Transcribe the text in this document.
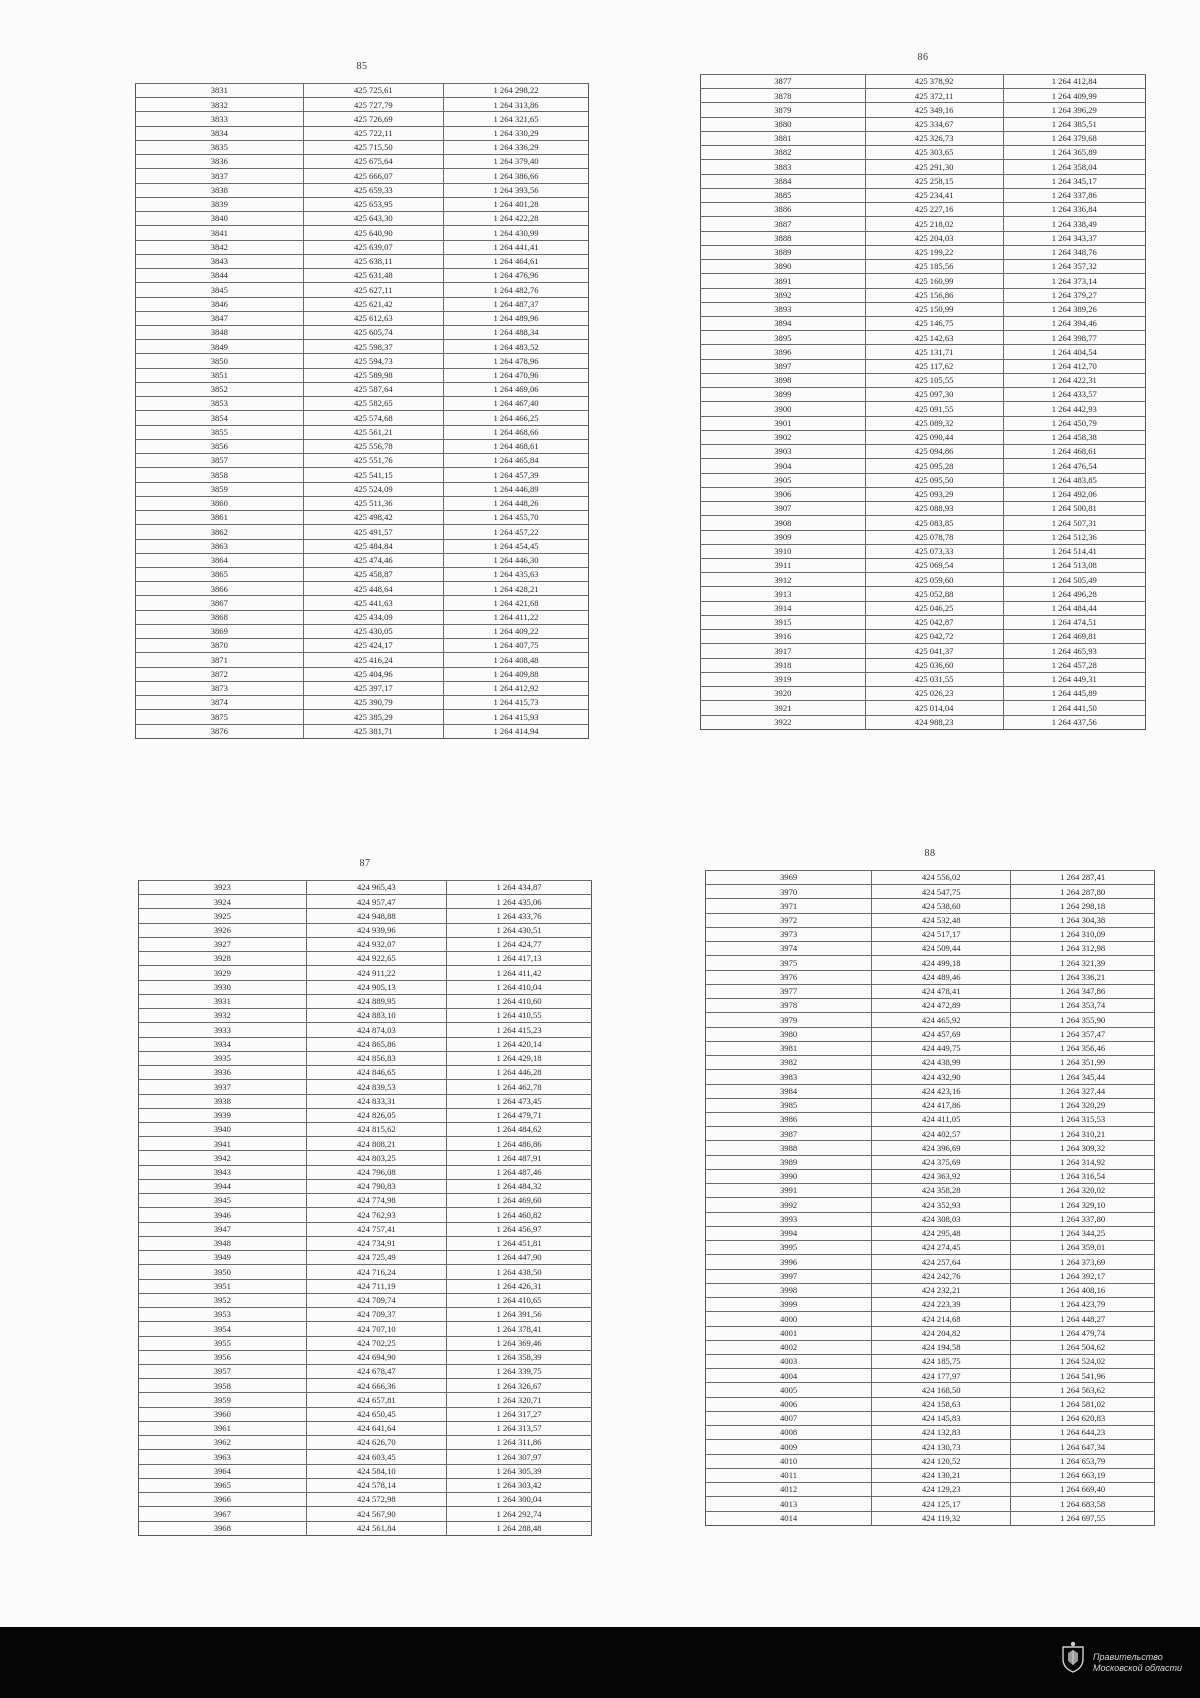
85
3831	425 725,61	1 264 298,22
3832	425 727,79	1 264 313,86
3833	425 726,69	1 264 321,65
3834	425 722,11	1 264 330,29
3835	425 715,50	1 264 336,29
3836	425 675,64	1 264 379,40
3837	425 666,07	1 264 386,66
3838	425 659,33	1 264 393,56
3839	425 653,95	1 264 401,28
3840	425 643,30	1 264 422,28
3841	425 640,90	1 264 430,99
3842	425 639,07	1 264 441,41
3843	425 638,11	1 264 464,61
3844	425 631,48	1 264 476,96
3845	425 627,11	1 264 482,76
3846	425 621,42	1 264 487,37
3847	425 612,63	1 264 489,96
3848	425 605,74	1 264 488,34
3849	425 598,37	1 264 483,52
3850	425 594,73	1 264 478,96
3851	425 589,98	1 264 470,96
3852	425 587,64	1 264 469,06
3853	425 582,65	1 264 467,40
3854	425 574,68	1 264 466,25
3855	425 561,21	1 264 468,66
3856	425 556,78	1 264 468,61
3857	425 551,76	1 264 465,84
3858	425 541,15	1 264 457,39
3859	425 524,09	1 264 446,89
3860	425 511,36	1 264 448,26
3861	425 498,42	1 264 455,70
3862	425 491,57	1 264 457,22
3863	425 484,84	1 264 454,45
3864	425 474,46	1 264 446,30
3865	425 458,87	1 264 435,63
3866	425 448,64	1 264 428,21
3867	425 441,63	1 264 421,68
3868	425 434,09	1 264 411,22
3869	425 430,05	1 264 409,22
3870	425 424,17	1 264 407,75
3871	425 416,24	1 264 408,48
3872	425 404,96	1 264 409,88
3873	425 397,17	1 264 412,92
3874	425 390,79	1 264 415,73
3875	425 385,29	1 264 415,93
3876	425 381,71	1 264 414,94
86
3877	425 378,92	1 264 412,84
3878	425 372,11	1 264 409,99
3879	425 349,16	1 264 396,29
3880	425 334,67	1 264 385,51
3881	425 326,73	1 264 379,68
3882	425 303,65	1 264 365,89
3883	425 291,30	1 264 358,04
3884	425 258,15	1 264 345,17
3885	425 234,41	1 264 337,86
3886	425 227,16	1 264 336,84
3887	425 218,02	1 264 338,49
3888	425 204,03	1 264 343,37
3889	425 199,22	1 264 348,76
3890	425 185,56	1 264 357,32
3891	425 160,99	1 264 373,14
3892	425 156,86	1 264 379,27
3893	425 150,99	1 264 389,26
3894	425 146,75	1 264 394,46
3895	425 142,63	1 264 398,77
3896	425 131,71	1 264 404,54
3897	425 117,62	1 264 412,70
3898	425 105,55	1 264 422,31
3899	425 097,30	1 264 433,57
3900	425 091,55	1 264 442,93
3901	425 089,32	1 264 450,79
3902	425 090,44	1 264 458,38
3903	425 094,86	1 264 468,61
3904	425 095,28	1 264 476,54
3905	425 095,50	1 264 483,85
3906	425 093,29	1 264 492,06
3907	425 088,93	1 264 500,81
3908	425 083,85	1 264 507,31
3909	425 078,78	1 264 512,36
3910	425 073,33	1 264 514,41
3911	425 069,54	1 264 513,08
3912	425 059,60	1 264 505,49
3913	425 052,88	1 264 496,28
3914	425 046,25	1 264 484,44
3915	425 042,87	1 264 474,51
3916	425 042,72	1 264 469,81
3917	425 041,37	1 264 465,93
3918	425 036,60	1 264 457,28
3919	425 031,55	1 264 449,31
3920	425 026,23	1 264 445,89
3921	425 014,04	1 264 441,50
3922	424 988,23	1 264 437,56
87
3923	424 965,43	1 264 434,87
3924	424 957,47	1 264 435,06
3925	424 948,88	1 264 433,76
3926	424 939,96	1 264 430,51
3927	424 932,07	1 264 424,77
3928	424 922,65	1 264 417,13
3929	424 911,22	1 264 411,42
3930	424 905,13	1 264 410,04
3931	424 889,95	1 264 410,60
3932	424 883,10	1 264 410,55
3933	424 874,03	1 264 415,23
3934	424 865,86	1 264 420,14
3935	424 856,83	1 264 429,18
3936	424 846,65	1 264 446,28
3937	424 839,53	1 264 462,78
3938	424 833,31	1 264 473,45
3939	424 826,05	1 264 479,71
3940	424 815,62	1 264 484,62
3941	424 808,21	1 264 486,86
3942	424 803,25	1 264 487,91
3943	424 796,08	1 264 487,46
3944	424 790,83	1 264 484,32
3945	424 774,98	1 264 469,60
3946	424 762,93	1 264 460,82
3947	424 757,41	1 264 456,97
3948	424 734,91	1 264 451,81
3949	424 725,49	1 264 447,90
3950	424 716,24	1 264 438,50
3951	424 711,19	1 264 426,31
3952	424 709,74	1 264 410,65
3953	424 709,37	1 264 391,56
3954	424 707,10	1 264 378,41
3955	424 702,25	1 264 369,46
3956	424 694,90	1 264 358,39
3957	424 678,47	1 264 339,75
3958	424 666,36	1 264 326,67
3959	424 657,81	1 264 320,71
3960	424 650,45	1 264 317,27
3961	424 641,64	1 264 313,57
3962	424 626,70	1 264 311,86
3963	424 603,45	1 264 307,97
3964	424 584,10	1 264 305,39
3965	424 578,14	1 264 303,42
3966	424 572,98	1 264 300,04
3967	424 567,90	1 264 292,74
3968	424 561,84	1 264 288,48
88
3969	424 556,02	1 264 287,41
3970	424 547,75	1 264 287,80
3971	424 538,60	1 264 298,18
3972	424 532,48	1 264 304,38
3973	424 517,17	1 264 310,09
3974	424 509,44	1 264 312,98
3975	424 499,18	1 264 321,39
3976	424 489,46	1 264 336,21
3977	424 478,41	1 264 347,86
3978	424 472,89	1 264 353,74
3979	424 465,92	1 264 355,90
3980	424 457,69	1 264 357,47
3981	424 449,75	1 264 356,46
3982	424 438,99	1 264 351,99
3983	424 432,90	1 264 345,44
3984	424 423,16	1 264 327,44
3985	424 417,86	1 264 320,29
3986	424 411,05	1 264 315,53
3987	424 402,57	1 264 310,21
3988	424 396,69	1 264 309,32
3989	424 375,69	1 264 314,92
3990	424 363,92	1 264 316,54
3991	424 358,28	1 264 320,02
3992	424 352,93	1 264 329,10
3993	424 308,03	1 264 337,80
3994	424 295,48	1 264 344,25
3995	424 274,45	1 264 359,01
3996	424 257,64	1 264 373,69
3997	424 242,76	1 264 392,17
3998	424 232,21	1 264 408,16
3999	424 223,39	1 264 423,79
4000	424 214,68	1 264 448,27
4001	424 204,82	1 264 479,74
4002	424 194,58	1 264 504,62
4003	424 185,75	1 264 524,02
4004	424 177,97	1 264 541,96
4005	424 168,50	1 264 563,62
4006	424 158,63	1 264 581,02
4007	424 145,83	1 264 620,83
4008	424 132,83	1 264 644,23
4009	424 130,73	1 264 647,34
4010	424 120,52	1 264 653,79
4011	424 130,21	1 264 663,19
4012	424 129,23	1 264 669,40
4013	424 125,17	1 264 683,58
4014	424 119,32	1 264 697,55
Правительство
Московской области
